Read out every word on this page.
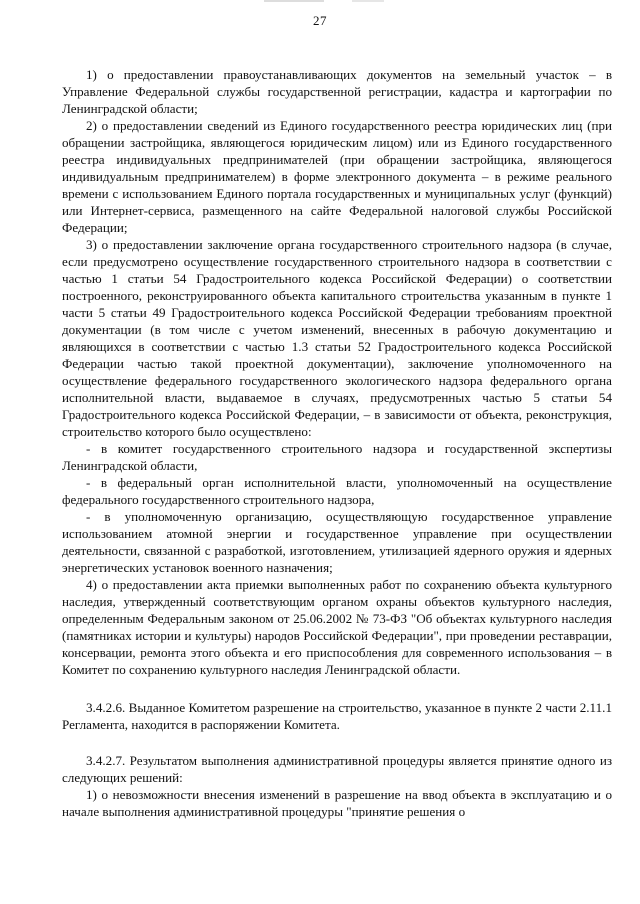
27

1) о предоставлении правоустанавливающих документов на земельный участок – в Управление Федеральной службы государственной регистрации, кадастра и картографии по Ленинградской области;

2) о предоставлении сведений из Единого государственного реестра юридических лиц (при обращении застройщика, являющегося юридическим лицом) или из Единого государственного реестра индивидуальных предпринимателей (при обращении застройщика, являющегося индивидуальным предпринимателем) в форме электронного документа – в режиме реального времени с использованием Единого портала государственных и муниципальных услуг (функций) или Интернет-сервиса, размещенного на сайте Федеральной налоговой службы Российской Федерации;

3) о предоставлении заключение органа государственного строительного надзора (в случае, если предусмотрено осуществление государственного строительного надзора в соответствии с частью 1 статьи 54 Градостроительного кодекса Российской Федерации) о соответствии построенного, реконструированного объекта капитального строительства указанным в пункте 1 части 5 статьи 49 Градостроительного кодекса Российской Федерации требованиям проектной документации (в том числе с учетом изменений, внесенных в рабочую документацию и являющихся в соответствии с частью 1.3 статьи 52 Градостроительного кодекса Российской Федерации частью такой проектной документации), заключение уполномоченного на осуществление федерального государственного экологического надзора федерального органа исполнительной власти, выдаваемое в случаях, предусмотренных частью 5 статьи 54 Градостроительного кодекса Российской Федерации, – в зависимости от объекта, реконструкция, строительство которого было осуществлено:

- в комитет государственного строительного надзора и государственной экспертизы Ленинградской области,

- в федеральный орган исполнительной власти, уполномоченный на осуществление федерального государственного строительного надзора,

- в уполномоченную организацию, осуществляющую государственное управление использованием атомной энергии и государственное управление при осуществлении деятельности, связанной с разработкой, изготовлением, утилизацией ядерного оружия и ядерных энергетических установок военного назначения;

4) о предоставлении акта приемки выполненных работ по сохранению объекта культурного наследия, утвержденный соответствующим органом охраны объектов культурного наследия, определенным Федеральным законом от 25.06.2002 № 73-ФЗ "Об объектах культурного наследия (памятниках истории и культуры) народов Российской Федерации", при проведении реставрации, консервации, ремонта этого объекта и его приспособления для современного использования – в Комитет по сохранению культурного наследия Ленинградской области.

3.4.2.6. Выданное Комитетом разрешение на строительство, указанное в пункте 2 части 2.11.1 Регламента, находится в распоряжении Комитета.

3.4.2.7. Результатом выполнения административной процедуры является принятие одного из следующих решений:

1) о невозможности внесения изменений в разрешение на ввод объекта в эксплуатацию и о начале выполнения административной процедуры "принятие решения о
